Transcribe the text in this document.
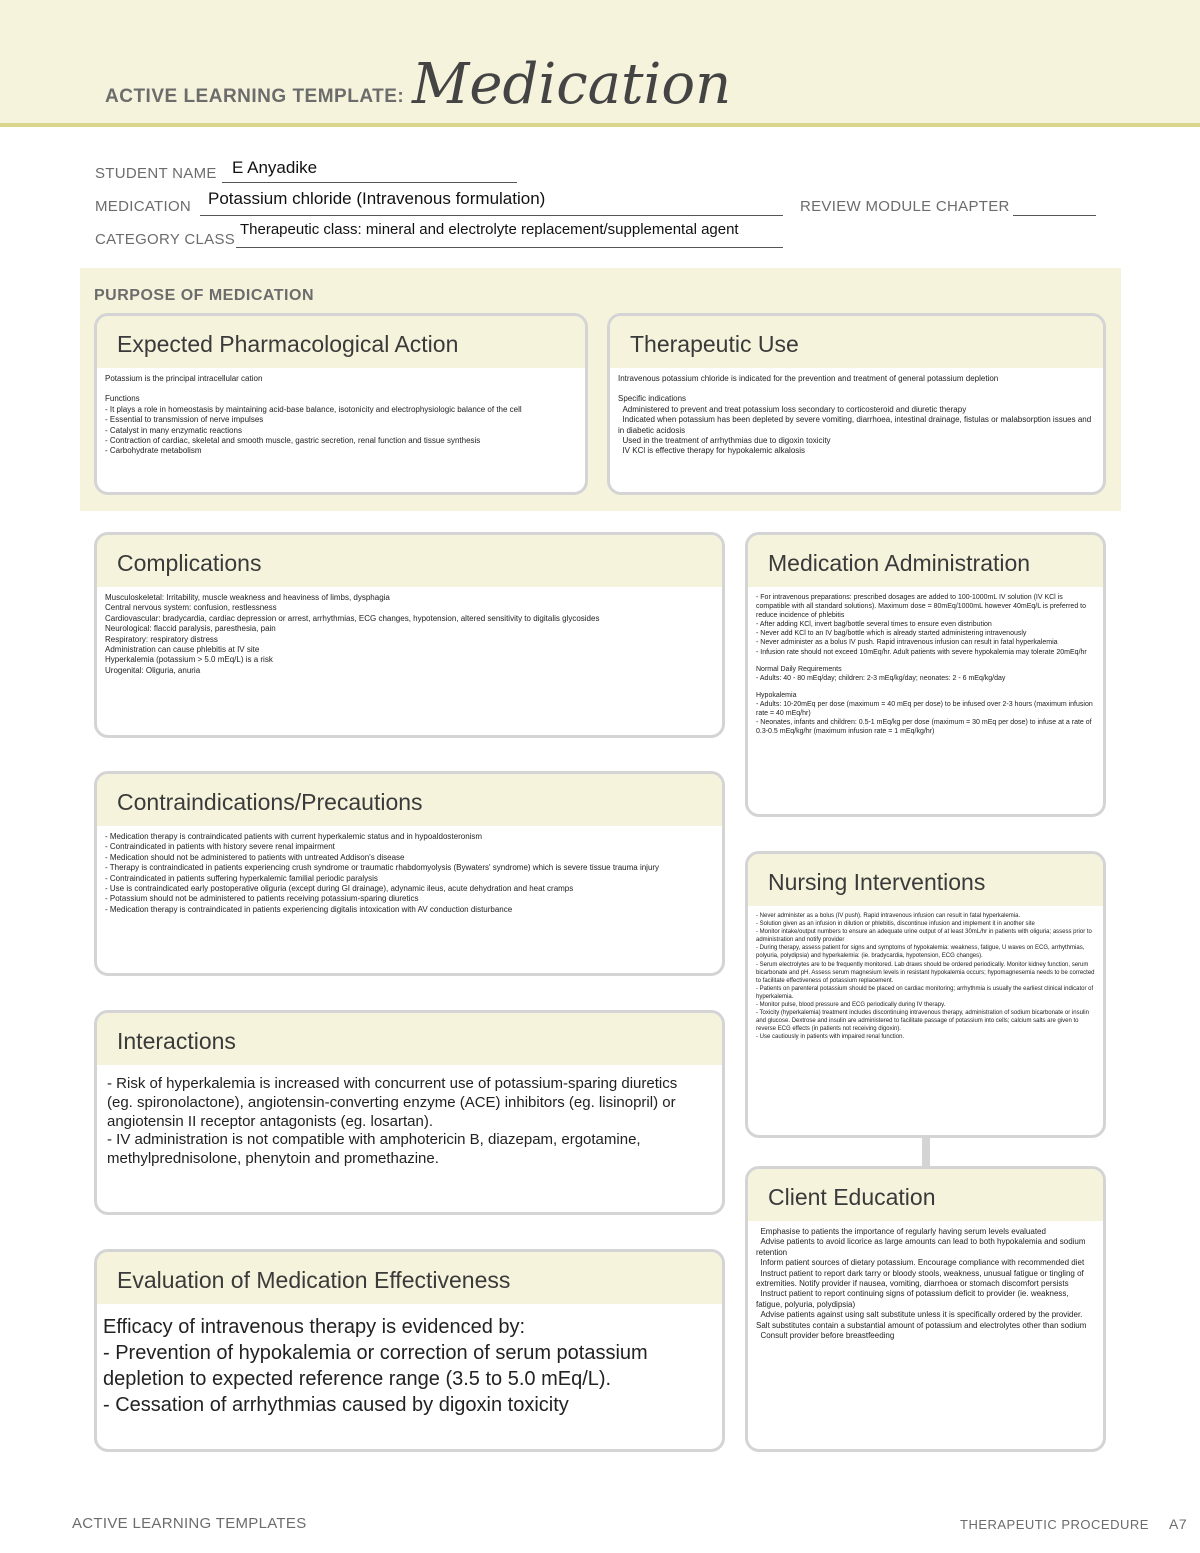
ACTIVE LEARNING TEMPLATE: Medication
STUDENT NAME E Anyadike
MEDICATION Potassium chloride (Intravenous formulation)	REVIEW MODULE CHAPTER
CATEGORY CLASS
Therapeutic class: mineral and electrolyte replacement/supplemental agent
PURPOSE OF MEDICATION
Expected Pharmacological Action

Potassium is the principal intracellular cation

Functions

- It plays a role in homeostasis by maintaining acid-base balance, isotonicity and electrophysiologic balance of the cell

- Essential to transmission of nerve impulses

- Catalyst in many enzymatic reactions

- Contraction of cardiac, skeletal and smooth muscle, gastric secretion, renal function and tissue synthesis

- Carbohydrate metabolism

Therapeutic Use

Intravenous potassium chloride is indicated for the prevention and treatment of general potassium depletion

Specific indications

Administered to prevent and treat potassium loss secondary to corticosteroid and diuretic therapy

Indicated when potassium has been depleted by severe vomiting, diarrhoea, intestinal drainage, fistulas or malabsorption issues and in diabetic acidosis

Used in the treatment of arrhythmias due to digoxin toxicity

IV KCl is effective therapy for hypokalemic alkalosis

Complications

Musculoskeletal: Irritability, muscle weakness and heaviness of limbs, dysphagia

Central nervous system: confusion, restlessness

Cardiovascular: bradycardia, cardiac depression or arrest, arrhythmias, ECG changes, hypotension, altered sensitivity to digitalis glycosides

Neurological: flaccid paralysis, paresthesia, pain

Respiratory: respiratory distress

Administration can cause phlebitis at IV site

Hyperkalemia (potassium > 5.0 mEq/L) is a risk

Urogenital: Oliguria, anuria

Medication Administration

- For intravenous preparations: prescribed dosages are added to 100-1000mL IV solution (IV KCl is compatible with all standard solutions). Maximum dose = 80mEq/1000mL however 40mEq/L is preferred to reduce incidence of phlebitis

- After adding KCl, invert bag/bottle several times to ensure even distribution

- Never add KCl to an IV bag/bottle which is already started administering intravenously

- Never administer as a bolus IV push. Rapid intravenous infusion can result in fatal hyperkalemia

- Infusion rate should not exceed 10mEq/hr. Adult patients with severe hypokalemia may tolerate 20mEq/hr

Normal Daily Requirements

- Adults: 40 - 80 mEq/day; children: 2-3 mEq/kg/day; neonates: 2 - 6 mEq/kg/day

Hypokalemia

- Adults: 10-20mEq per dose (maximum = 40 mEq per dose) to be infused over 2-3 hours (maximum infusion rate = 40 mEq/hr)

- Neonates, infants and children: 0.5-1 mEq/kg per dose (maximum = 30 mEq per dose) to infuse at a rate of 0.3-0.5 mEq/kg/hr (maximum infusion rate = 1 mEq/kg/hr)

Contraindications/Precautions

- Medication therapy is contraindicated patients with current hyperkalemic status and in hypoaldosteronism

- Contraindicated in patients with history severe renal impairment

- Medication should not be administered to patients with untreated Addison's disease

- Therapy is contraindicated in patients experiencing crush syndrome or traumatic rhabdomyolysis (Bywaters' syndrome) which is severe tissue trauma injury

- Contraindicated in patients suffering hyperkalemic familial periodic paralysis

- Use is contraindicated early postoperative oliguria (except during GI drainage), adynamic ileus, acute dehydration and heat cramps

- Potassium should not be administered to patients receiving potassium-sparing diuretics

- Medication therapy is contraindicated in patients experiencing digitalis intoxication with AV conduction disturbance

Nursing Interventions

- Never administer as a bolus (IV push). Rapid intravenous infusion can result in fatal hyperkalemia.

- Solution given as an infusion in dilution or phlebitis, discontinue infusion and implement it in another site

- Monitor intake/output numbers to ensure an adequate urine output of at least 30mL/hr in patients with oliguria; assess prior to administration and notify provider

- During therapy, assess patient for signs and symptoms of hypokalemia: weakness, fatigue, U waves on ECG, arrhythmias, polyuria, polydipsia) and hyperkalemia: (ie. bradycardia, hypotension, ECG changes).

- Serum electrolytes are to be frequently monitored. Lab draws should be ordered periodically. Monitor kidney function, serum bicarbonate and pH. Assess serum magnesium levels in resistant hypokalemia occurs; hypomagnesemia needs to be corrected to facilitate effectiveness of potassium replacement.

- Patients on parenteral potassium should be placed on cardiac monitoring; arrhythmia is usually the earliest clinical indicator of hyperkalemia.

- Monitor pulse, blood pressure and ECG periodically during IV therapy.

- Toxicity (hyperkalemia) treatment includes discontinuing intravenous therapy, administration of sodium bicarbonate or insulin and glucose. Dextrose and insulin are administered to facilitate passage of potassium into cells; calcium salts are given to reverse ECG effects (in patients not receiving digoxin).

- Use cautiously in patients with impaired renal function.

Interactions

- Risk of hyperkalemia is increased with concurrent use of potassium-sparing diuretics (eg. spironolactone), angiotensin-converting enzyme (ACE) inhibitors (eg. lisinopril) or angiotensin II receptor antagonists (eg. losartan).

- IV administration is not compatible with amphotericin B, diazepam, ergotamine, methylprednisolone, phenytoin and promethazine.

Client Education

Emphasise to patients the importance of regularly having serum levels evaluated

Advise patients to avoid licorice as large amounts can lead to both hypokalemia and sodium retention

Inform patient sources of dietary potassium. Encourage compliance with recommended diet

Instruct patient to report dark tarry or bloody stools, weakness, unusual fatigue or tingling of extremities. Notify provider if nausea, vomiting, diarrhoea or stomach discomfort persists

Instruct patient to report continuing signs of potassium deficit to provider (ie. weakness, fatigue, polyuria, polydipsia)

Advise patients against using salt substitute unless it is specifically ordered by the provider. Salt substitutes contain a substantial amount of potassium and electrolytes other than sodium

Consult provider before breastfeeding

Evaluation of Medication Effectiveness

Efficacy of intravenous therapy is evidenced by:

- Prevention of hypokalemia or correction of serum potassium depletion to expected reference range (3.5 to 5.0 mEq/L).

- Cessation of arrhythmias caused by digoxin toxicity

ACTIVE LEARNING TEMPLATES	THERAPEUTIC PROCEDURE A7
